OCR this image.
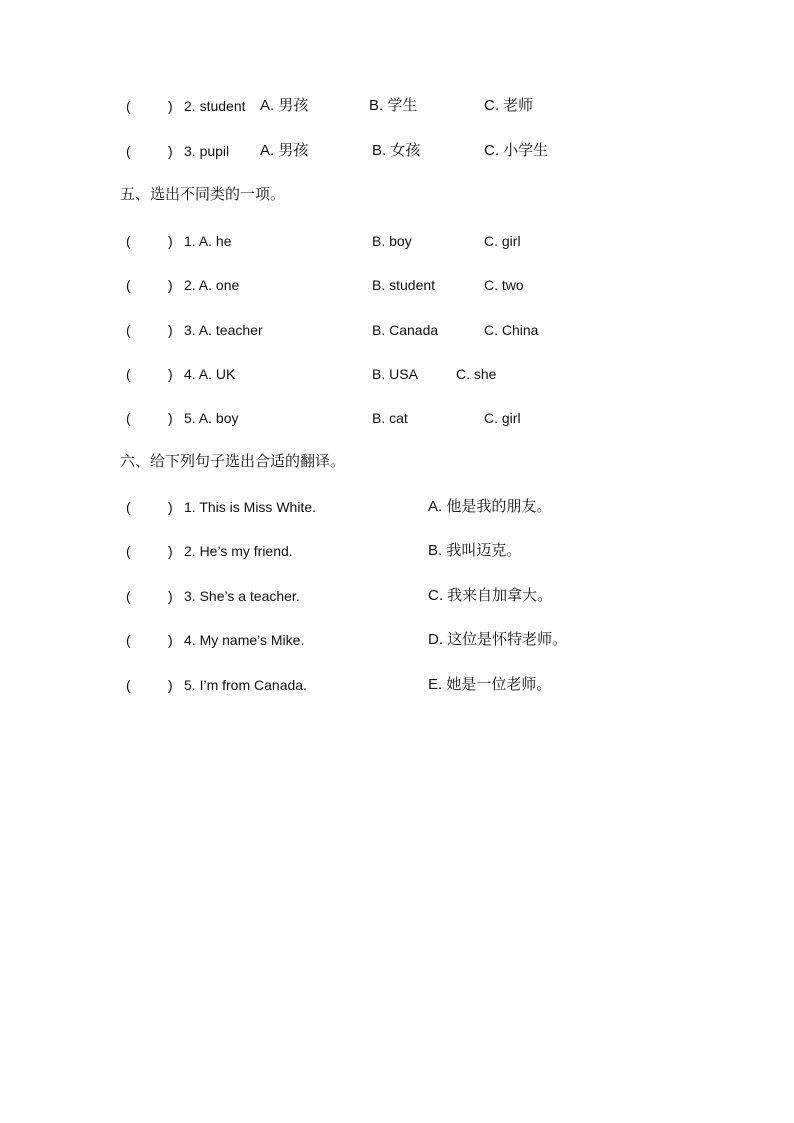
(	) 2. student A. 男孩	B. 学生	C. 老师
(	) 3. pupil A. 男孩	B. 女孩	C. 小学生
五、选出不同类的一项。
(	) 1. A. he	B. boy	C. girl
(	) 2. A. one	B. student	C. two
(	) 3. A. teacher	B. Canada	C. China
(	) 4. A. UK	B. USA	C. she
(	) 5. A. boy	B. cat	C. girl
六、给下列句子选出合适的翻译。
(	) 1. This is Miss White.	A. 他是我的朋友。
(	) 2. He’s my friend.	B. 我叫迈克。
(	) 3. She’s a teacher.	C. 我来自加拿大。
(	) 4. My name’s Mike.	D. 这位是怀特老师。
(	) 5. I’m from Canada.	E. 她是一位老师。
